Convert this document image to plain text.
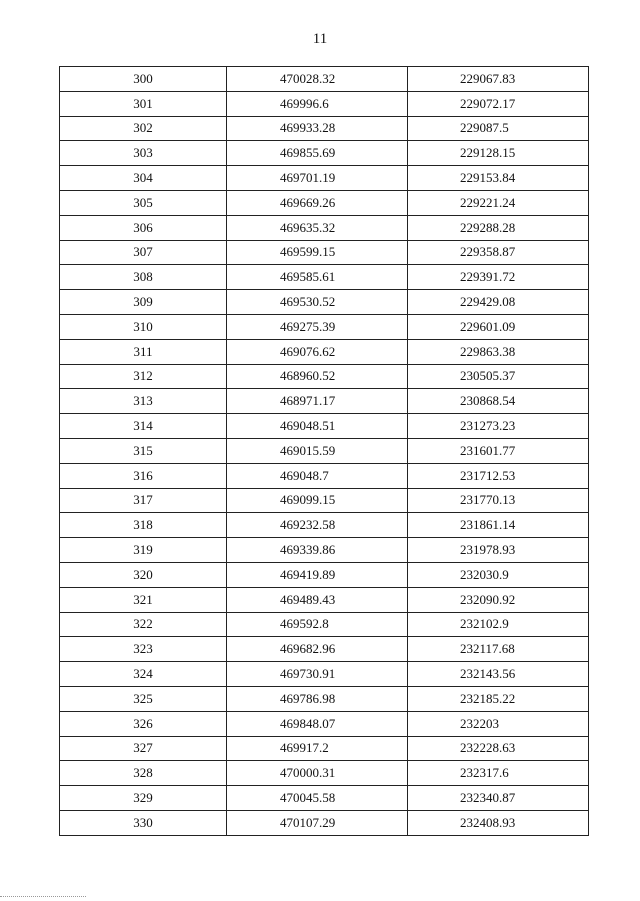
11
300	470028.32	229067.83
301	469996.6	229072.17
302	469933.28	229087.5
303	469855.69	229128.15
304	469701.19	229153.84
305	469669.26	229221.24
306	469635.32	229288.28
307	469599.15	229358.87
308	469585.61	229391.72
309	469530.52	229429.08
310	469275.39	229601.09
311	469076.62	229863.38
312	468960.52	230505.37
313	468971.17	230868.54
314	469048.51	231273.23
315	469015.59	231601.77
316	469048.7	231712.53
317	469099.15	231770.13
318	469232.58	231861.14
319	469339.86	231978.93
320	469419.89	232030.9
321	469489.43	232090.92
322	469592.8	232102.9
323	469682.96	232117.68
324	469730.91	232143.56
325	469786.98	232185.22
326	469848.07	232203
327	469917.2	232228.63
328	470000.31	232317.6
329	470045.58	232340.87
330	470107.29	232408.93
